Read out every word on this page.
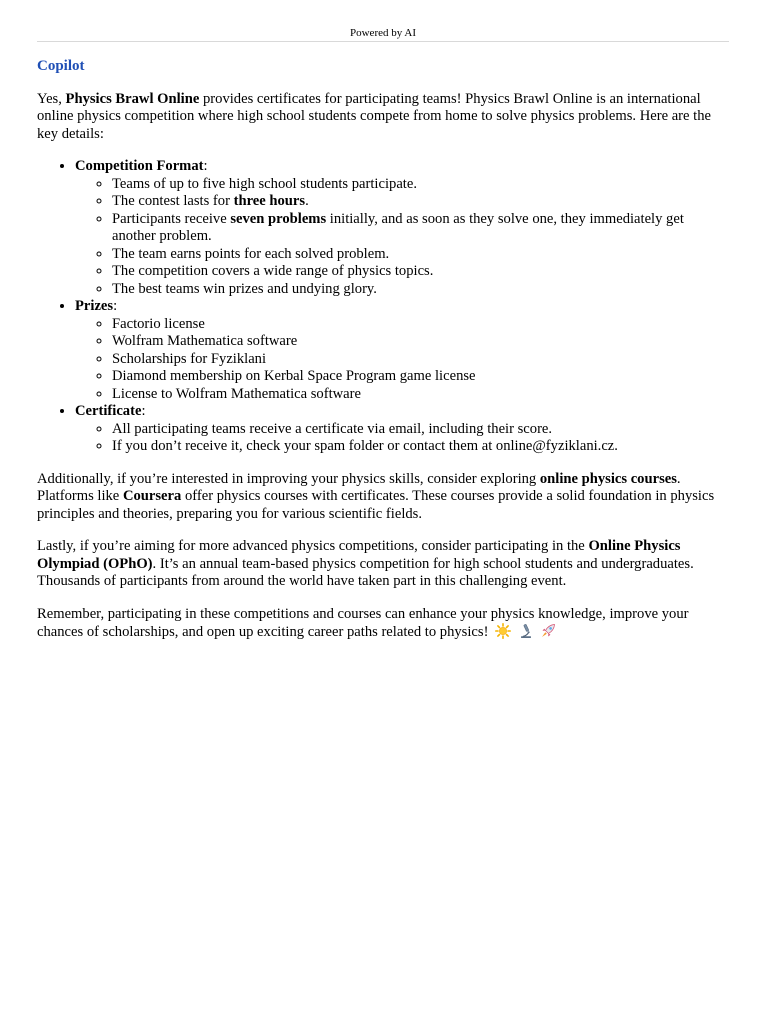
Powered by AI
Copilot

Yes, Physics Brawl Online provides certificates for participating teams! Physics Brawl Online is an international online physics competition where high school students compete from home to solve physics problems. Here are the key details:

• Competition Format:
◦ Teams of up to five high school students participate.
◦ The contest lasts for three hours.
◦ Participants receive seven problems initially, and as soon as they solve one, they immediately get another problem.
◦ The team earns points for each solved problem.
◦ The competition covers a wide range of physics topics.
◦ The best teams win prizes and undying glory.
• Prizes:
◦ Factorio license
◦ Wolfram Mathematica software
◦ Scholarships for Fyziklani
◦ Diamond membership on Kerbal Space Program game license
◦ License to Wolfram Mathematica software
• Certificate:
◦ All participating teams receive a certificate via email, including their score.
◦ If you don’t receive it, check your spam folder or contact them at online@fyziklani.cz.

Additionally, if you’re interested in improving your physics skills, consider exploring online physics courses. Platforms like Coursera offer physics courses with certificates. These courses provide a solid foundation in physics principles and theories, preparing you for various scientific fields.

Lastly, if you’re aiming for more advanced physics competitions, consider participating in the Online Physics Olympiad (OPhO). It’s an annual team-based physics competition for high school students and undergraduates. Thousands of participants from around the world have taken part in this challenging event.

Remember, participating in these competitions and courses can enhance your physics knowledge, improve your chances of scholarships, and open up exciting career paths related to physics!
